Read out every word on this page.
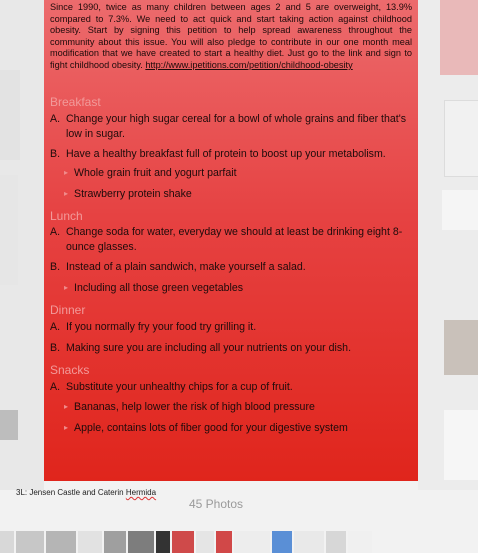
Since 1990, twice as many children between ages 2 and 5 are overweight, 13.9% compared to 7.3%. We need to act quick and start taking action against childhood obesity. Start by signing this petition to help spread awareness throughout the community about this issue. You will also pledge to contribute in our one month meal modification that we have created to start a healthy diet. Just go to the link and sign to fight childhood obesity. http://www.ipetitions.com/petition/childhood-obesity

Breakfast
A. Change your high sugar cereal for a bowl of whole grains and fiber that's low in sugar.
B. Have a healthy breakfast full of protein to boost up your metabolism.
▸ Whole grain fruit and yogurt parfait
▸ Strawberry protein shake
Lunch
A. Change soda for water, everyday we should at least be drinking eight 8-ounce glasses.
B. Instead of a plain sandwich, make yourself a salad.
▸ Including all those green vegetables
Dinner
A. If you normally fry your food try grilling it.
B. Making sure you are including all your nutrients on your dish.
Snacks
A. Substitute your unhealthy chips for a cup of fruit.
▸ Bananas, help lower the risk of high blood pressure
▸ Apple, contains lots of fiber good for your digestive system
3L: Jensen Castle and Caterin Hermida
45 Photos
